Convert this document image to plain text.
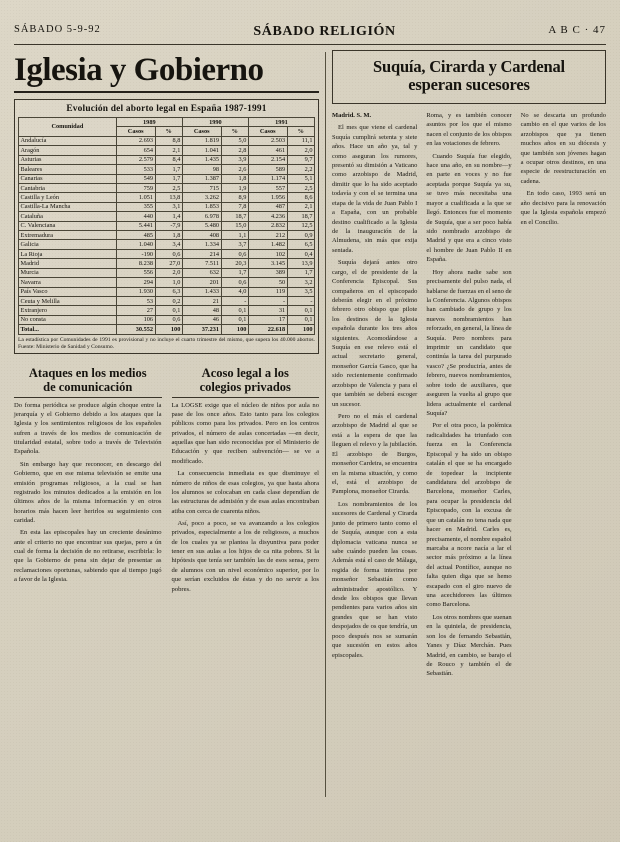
SÁBADO 5-9-92	SÁBADO RELIGIÓN	A B C · 47
Iglesia y Gobierno
Evolución del aborto legal en España 1987-1991
Comunidad	1989		1990		1991	
	Casos	%	Casos	%	Casos	%
Andalucía	2.693	8,8	1.819	5,0	2.503	11,1
Aragón	654	2,1	1.041	2,8	461	2,0
Asturias	2.579	8,4	1.435	3,9	2.154	9,7
Baleares	533	1,7	98	2,6	589	2,2
Canarias	549	1,7	1.387	1,8	1.174	5,1
Cantabria	759	2,5	715	1,9	557	2,5
Castilla y León	1.051	13,8	3.262	8,9	1.956	8,6
Castilla-La Mancha	355	3,1	1.853	7,8	487	2,1
Cataluña	440	1,4	6.978	18,7	4.236	18,7
C. Valenciana	5.441	-7,9	5.480	15,0	2.832	12,5
Extremadura	485	1,8	408	1,1	212	0,9
Galicia	1.040	3,4	1.334	3,7	1.482	6,5
La Rioja	-190	0,6	214	0,6	102	0,4
Madrid	8.238	27,0	7.511	20,3	3.145	13,9
Murcia	556	2,0	632	1,7	389	1,7
Navarra	294	1,0	201	0,6	50	3,2
País Vasco	1.930	6,3	1.433	4,0	119	3,5
Ceuta y Melilla	53	0,2	21	-	-	-
Extranjero	27	0,1	48	0,1	31	0,1
No consta	106	0,6	46	0,1	17	0,1
Total...	30.552	100	37.231	100	22.618	100
La estadística por Comunidades de 1991 es provisional y no incluye el cuarto trimestre del mismo, que supera los 40.000 abortos. Fuente: Ministerio de Sanidad y Consumo.
Ataques en los medios
de comunicación

Do forma periódica se produce algún choque entre la jerarquía y el Gobierno debido a los ataques que la Iglesia y los sentimientos religiosos de los españoles sufren a través de los medios de comunicación de titularidad estatal, sobre todo a través de Televisión Española.

Sin embargo hay que reconocer, en descargo del Gobierno, que en ese misma televisión se emite una emisión programas religiosos, a la cual se han registrado los minutos dedicados a la emisión en los últimos años de la misma información y en otros horarios más hacen leer herirlos su seguimiento con caridad.

En esta las episcopales hay un creciente desánimo ante el criterio no que encontrar sus quejas, pero a ún cual de forma la decisión de no retirarse, escribirla: lo que la Gobierno de pena sin dejar de presentar as reclamaciones oportunas, sabiendo que al tiempo jugó a favor de la Iglesia.

Acoso legal a los
colegios privados

La LOGSE exige que el núcleo de niños por aula no pase de los once años. Esto tanto para los colegios públicos como para los privados. Pero en los centros privados, el número de aulas concertadas —en decir, aquellas que han sido reconocidas por el Ministerio de Educación y que reciben subvención— se ve a modificado.

La consecuencia inmediata es que disminuye el número de niños de esas colegios, ya que hasta ahora los alumnos se colocaban en cada clase dependían de las estructuras de admisión y de esas aulas encontraban atiba con cerca de cuarenta niños.

Así, poco a poco, se va avanzando a los colegios privados, especialmente a los de religiosos, a muchos de los cuales ya se plantea la disyuntiva para poder tener en sus aulas a los hijos de ca nita pobres. Si la hipótesis que tenía ser también las de esos sensa, pero de alumnos con un nivel económico superior, por lo que serían excluidos de éstas y do no servir a los pobres.

Suquía, Cirarda y Cardenal
esperan sucesores

Madrid. S. M.

El mes que viene el cardenal Suquía cumplirá setenta y siete años. Hace un año ya, tal y como aseguran los rumores, presentó su dimisión a Vaticano como arzobispo de Madrid, dimitir que lo ha sido aceptado todavía y con el se termina una etapa de la vida de Juan Pablo I a España, con un probable destino cualificado a la Iglesia de la inauguración de la Almudena, sin más que exija sentada.

Suquía dejará antes otro cargo, el de presidente de la Conferencia Episcopal. Sus compañeros en el episcopado deberán elegir en el próximo febrero otro obispo que pilote los destinos de la Iglesia española durante los tres años siguientes. Acomodándose a Suquía en ese relevo está el actual secretario general, monseñor García Gasco, que ha sido recientemente confirmado arzobispo de Valencia y para el que también se deberá escoger un sucesor.

Pero no el más el cardenal arzobispo de Madrid al que se está a la espera de que las lleguen el relevo y la jubilación. El arzobispo de Burgos, monseñor Cardeira, se encuentra en la misma situación, y como el, está el arzobispo de Pamplona, monseñor Cirarda.

Los nombramientos de los sucesores de Cardenal y Cirarda junto de primero tanto como el de Suquía, aunque con a esta diplomacia vaticana nunca se sabe cuándo pueden las cosas. Además está el caso de Málaga, regida de forma interina por monseñor Sebastián como administrador apostólico. Y desde los obispos que llevan pendientes para varios años sin grandes que se han visto despojados de os que tendría, un poco después nos se sumarán que sucesión en estos años episcopales.

Roma, y es también conocer asuntos por los que el mismo nacen el conjunto de los obispos en las votaciones de febrero.

Cuando Suquía fue elegido, hace una año, en su nombre—y en parte en voces y no fue aceptada porque Suquía ya su, se tuvo más necesitaba una mayor a cualificada a la que se llegó. Entonces fue el momento de Suquía, que a ser poco había sido nombrado arzobispo de Madrid y que era a cinco visto el hombre de Juan Pablo II en España.

Hoy ahora nadie sabe son precisamente del pulso nada, el hablarse de fuerzas en el seno de la Conferencia. Algunos obispos han cambiado de grupo y los nuevos nombramientos han reforzado, en general, la línea de Suquía. Pero nombres para imprimir un candidato que continúa la tarea del purpurado vasco? ¿Se produciría, antes de febrero, nuevos nombramientos, sobre todo de auxiliares, que aseguren la vuelta al grupo que lidera actualmente el cardenal Suquía?

Por el otra poco, la polémica radicalidades ha triunfado con fuerza en la Conferencia Episcopal y ha sido un obispo catalán el que se ha encargado de topedear la incipiente candidatura del arzobispo de Barcelona, monseñor Carles, para ocupar la presidencia del Episcopado, con la excusa de que un catalán no tena nada que hacer en Madrid. Carles es, precisamente, el nombre español marcaba a ncore nacía a lar el sector más próximo a la línea del actual Pontífice, aunque no falta quien diga que se hemo escapado con el giro nuevo de una acechidorees las últimos como Barcelona.

Los otros nombres que suenan en la quiniela, de presidencia, son los de fernando Sebastián, Yanes y Díaz Merchán. Pues Madrid, en cambio, se barajo el de Rouco y también el de Sebastián.

No se descarta un profundo cambio en el que varios de los arzobispos que ya tienen muchos años en su diócesis y que también son jóvenes hagan a ocupar otros destinos, en una especie de reestructuración en cadena.

En todo caso, 1993 será un año decisivo para la renovación que la Iglesia española empezó en el Concilio.
